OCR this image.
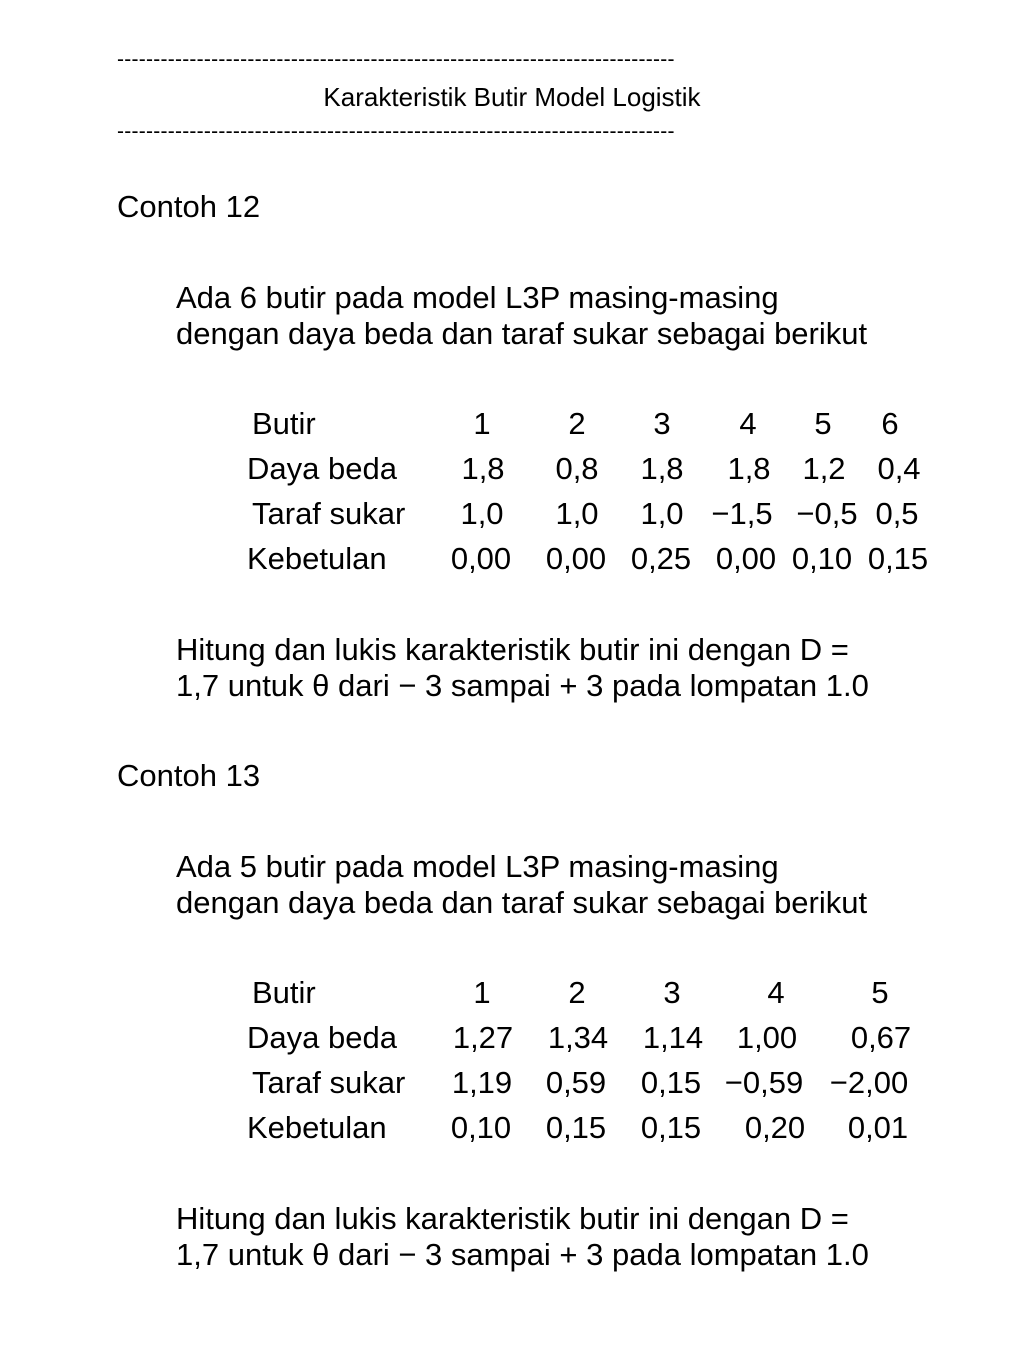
-----------------------------------------------------------------------------
Karakteristik Butir Model Logistik
-----------------------------------------------------------------------------
Contoh 12
Ada 6 butir pada model L3P masing-masing
dengan daya beda dan taraf sukar sebagai berikut
Butir	1	2 3 4 5 6
Daya beda 1,8 0,8 1,8 1,8 1,2 0,4
Taraf sukar 1,0 1,0 1,0 −1,5 −0,5 0,5
Kebetulan 0,00 0,00 0,25 0,00 0,10 0,15
Hitung dan lukis karakteristik butir ini dengan D =
1,7 untuk θ dari − 3 sampai + 3 pada lompatan 1.0
Contoh 13
Ada 5 butir pada model L3P masing-masing
dengan daya beda dan taraf sukar sebagai berikut
Butir	1	2	3	4	5
Daya beda 1,27 1,34 1,14 1,00 0,67
Taraf sukar 1,19 0,59 0,15 −0,59 −2,00
Kebetulan 0,10 0,15 0,15 0,20 0,01
Hitung dan lukis karakteristik butir ini dengan D =
1,7 untuk θ dari − 3 sampai + 3 pada lompatan 1.0
